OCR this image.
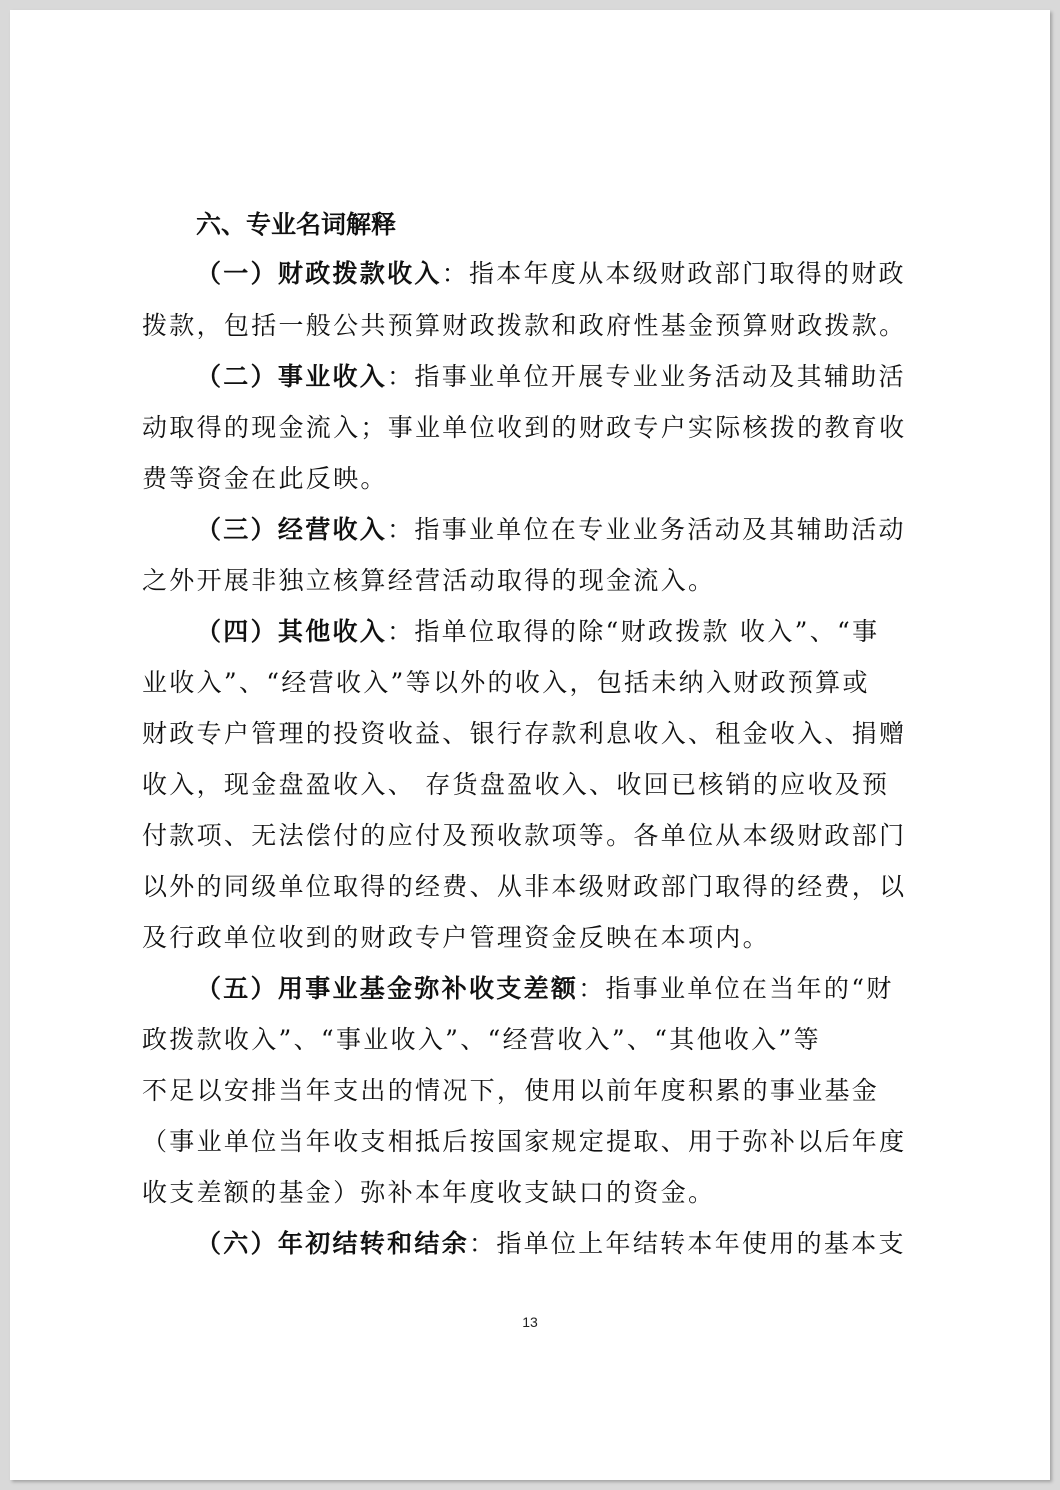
六、专业名词解释
（一）财政拨款收入：指本年度从本级财政部门取得的财政
拨款，包括一般公共预算财政拨款和政府性基金预算财政拨款。
（二）事业收入：指事业单位开展专业业务活动及其辅助活
动取得的现金流入；事业单位收到的财政专户实际核拨的教育收
费等资金在此反映。
（三）经营收入：指事业单位在专业业务活动及其辅助活动
之外开展非独立核算经营活动取得的现金流入。
（四）其他收入：指单位取得的除“财政拨款 收入”、“事
业收入”、“经营收入”等以外的收入，包括未纳入财政预算或
财政专户管理的投资收益、银行存款利息收入、租金收入、捐赠
收入，现金盘盈收入、 存货盘盈收入、收回已核销的应收及预
付款项、无法偿付的应付及预收款项等。各单位从本级财政部门
以外的同级单位取得的经费、从非本级财政部门取得的经费，以
及行政单位收到的财政专户管理资金反映在本项内。
（五）用事业基金弥补收支差额：指事业单位在当年的“财
政拨款收入”、“事业收入”、“经营收入”、“其他收入”等
不足以安排当年支出的情况下，使用以前年度积累的事业基金
（事业单位当年收支相抵后按国家规定提取、用于弥补以后年度
收支差额的基金）弥补本年度收支缺口的资金。
（六）年初结转和结余：指单位上年结转本年使用的基本支
13
